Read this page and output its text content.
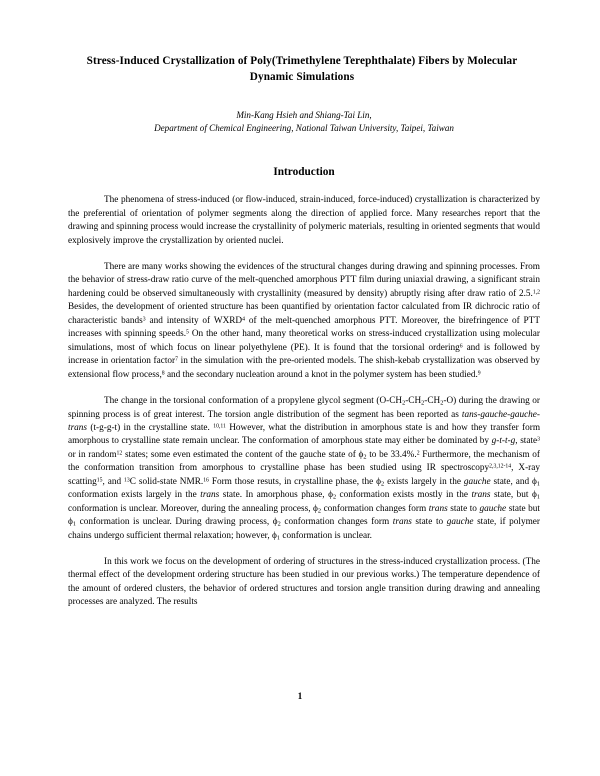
Stress-Induced Crystallization of Poly(Trimethylene Terephthalate) Fibers by Molecular Dynamic Simulations
Min-Kang Hsieh and Shiang-Tai Lin,
Department of Chemical Engineering, National Taiwan University, Taipei, Taiwan
Introduction

The phenomena of stress-induced (or flow-induced, strain-induced, force-induced) crystallization is characterized by the preferential of orientation of polymer segments along the direction of applied force. Many researches report that the drawing and spinning process would increase the crystallinity of polymeric materials, resulting in oriented segments that would explosively improve the crystallization by oriented nuclei.

There are many works showing the evidences of the structural changes during drawing and spinning processes. From the behavior of stress-draw ratio curve of the melt-quenched amorphous PTT film during uniaxial drawing, a significant strain hardening could be observed simultaneously with crystallinity (measured by density) abruptly rising after draw ratio of 2.5.$^{1,2}$ Besides, the development of oriented structure has been quantified by orientation factor calculated from IR dichrocic ratio of characteristic bands$^3$ and intensity of WXRD$^4$ of the melt-quenched amorphous PTT. Moreover, the birefringence of PTT increases with spinning speeds.$^5$ On the other hand, many theoretical works on stress-induced crystallization using molecular simulations, most of which focus on linear polyethylene (PE). It is found that the torsional ordering$^6$ and is followed by increase in orientation factor$^7$ in the simulation with the pre-oriented models. The shish-kebab crystallization was observed by extensional flow process,$^8$ and the secondary nucleation around a knot in the polymer system has been studied.$^9$

The change in the torsional conformation of a propylene glycol segment $(O-CH_2-CH_2-CH_2-O)$ during the drawing or spinning process is of great interest. The torsion angle distribution of the segment has been reported as tans-gauche-gauche-trans (t-g-g-t) in the crystalline state. $^{10,11}$ However, what the distribution in amorphous state is and how they transfer form amorphous to crystalline state remain unclear. The conformation of amorphous state may either be dominated by g-t-t-g, state$^3$ or in random$^{12}$ states; some even estimated the content of the gauche state of $\phi_2$ to be 33.4%.$^2$ Furthermore, the mechanism of the conformation transition from amorphous to crystalline phase has been studied using IR spectroscopy$^{2,3,12-14}$, X-ray scatting$^{15}$, and $^{13}$C solid-state NMR.$^{16}$ Form those resuts, in crystalline phase, the $\phi_2$ exists largely in the gauche state, and $\phi_1$ conformation exists largely in the trans state. In amorphous phase, $\phi_2$ conformation exists mostly in the trans state, but $\phi_1$ conformation is unclear. Moreover, during the annealing process, $\phi_2$ conformation changes form trans state to gauche state but $\phi_1$ conformation is unclear. During drawing process, $\phi_2$ conformation changes form trans state to gauche state, if polymer chains undergo sufficient thermal relaxation; however, $\phi_1$ conformation is unclear.

In this work we focus on the development of ordering of structures in the stress-induced crystallization process. (The thermal effect of the development ordering structure has been studied in our previous works.) The temperature dependence of the amount of ordered clusters, the behavior of ordered structures and torsion angle transition during drawing and annealing processes are analyzed. The results

1
